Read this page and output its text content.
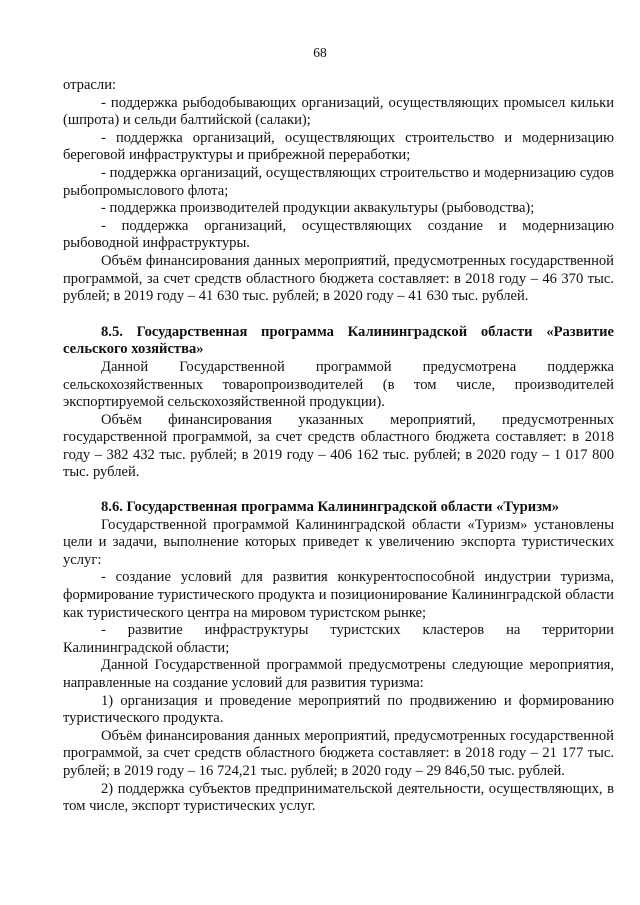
68

отрасли:

- поддержка рыбодобывающих организаций, осуществляющих промысел кильки (шпрота) и сельди балтийской (салаки);

- поддержка организаций, осуществляющих строительство и модернизацию береговой инфраструктуры и прибрежной переработки;

- поддержка организаций, осуществляющих строительство и модернизацию судов рыбопромыслового флота;

- поддержка производителей продукции аквакультуры (рыбоводства);

- поддержка организаций, осуществляющих создание и модернизацию рыбоводной инфраструктуры.

Объём финансирования данных мероприятий, предусмотренных государственной программой, за счет средств областного бюджета составляет: в 2018 году – 46 370 тыс. рублей; в 2019 году – 41 630 тыс. рублей; в 2020 году – 41 630 тыс. рублей.

8.5. Государственная программа Калининградской области «Развитие сельского хозяйства»

Данной Государственной программой предусмотрена поддержка сельскохозяйственных товаропроизводителей (в том числе, производителей экспортируемой сельскохозяйственной продукции).

Объём финансирования указанных мероприятий, предусмотренных государственной программой, за счет средств областного бюджета составляет: в 2018 году – 382 432 тыс. рублей; в 2019 году – 406 162 тыс. рублей; в 2020 году – 1 017 800 тыс. рублей.

8.6. Государственная программа Калининградской области «Туризм»

Государственной программой Калининградской области «Туризм» установлены цели и задачи, выполнение которых приведет к увеличению экспорта туристических услуг:

- создание условий для развития конкурентоспособной индустрии туризма, формирование туристического продукта и позиционирование Калининградской области как туристического центра на мировом туристском рынке;

- развитие инфраструктуры туристских кластеров на территории Калининградской области;

Данной Государственной программой предусмотрены следующие мероприятия, направленные на создание условий для развития туризма:

1) организация и проведение мероприятий по продвижению и формированию туристического продукта.

Объём финансирования данных мероприятий, предусмотренных государственной программой, за счет средств областного бюджета составляет: в 2018 году – 21 177 тыс. рублей; в 2019 году – 16 724,21 тыс. рублей; в 2020 году – 29 846,50 тыс. рублей.

2) поддержка субъектов предпринимательской деятельности, осуществляющих, в том числе, экспорт туристических услуг.
